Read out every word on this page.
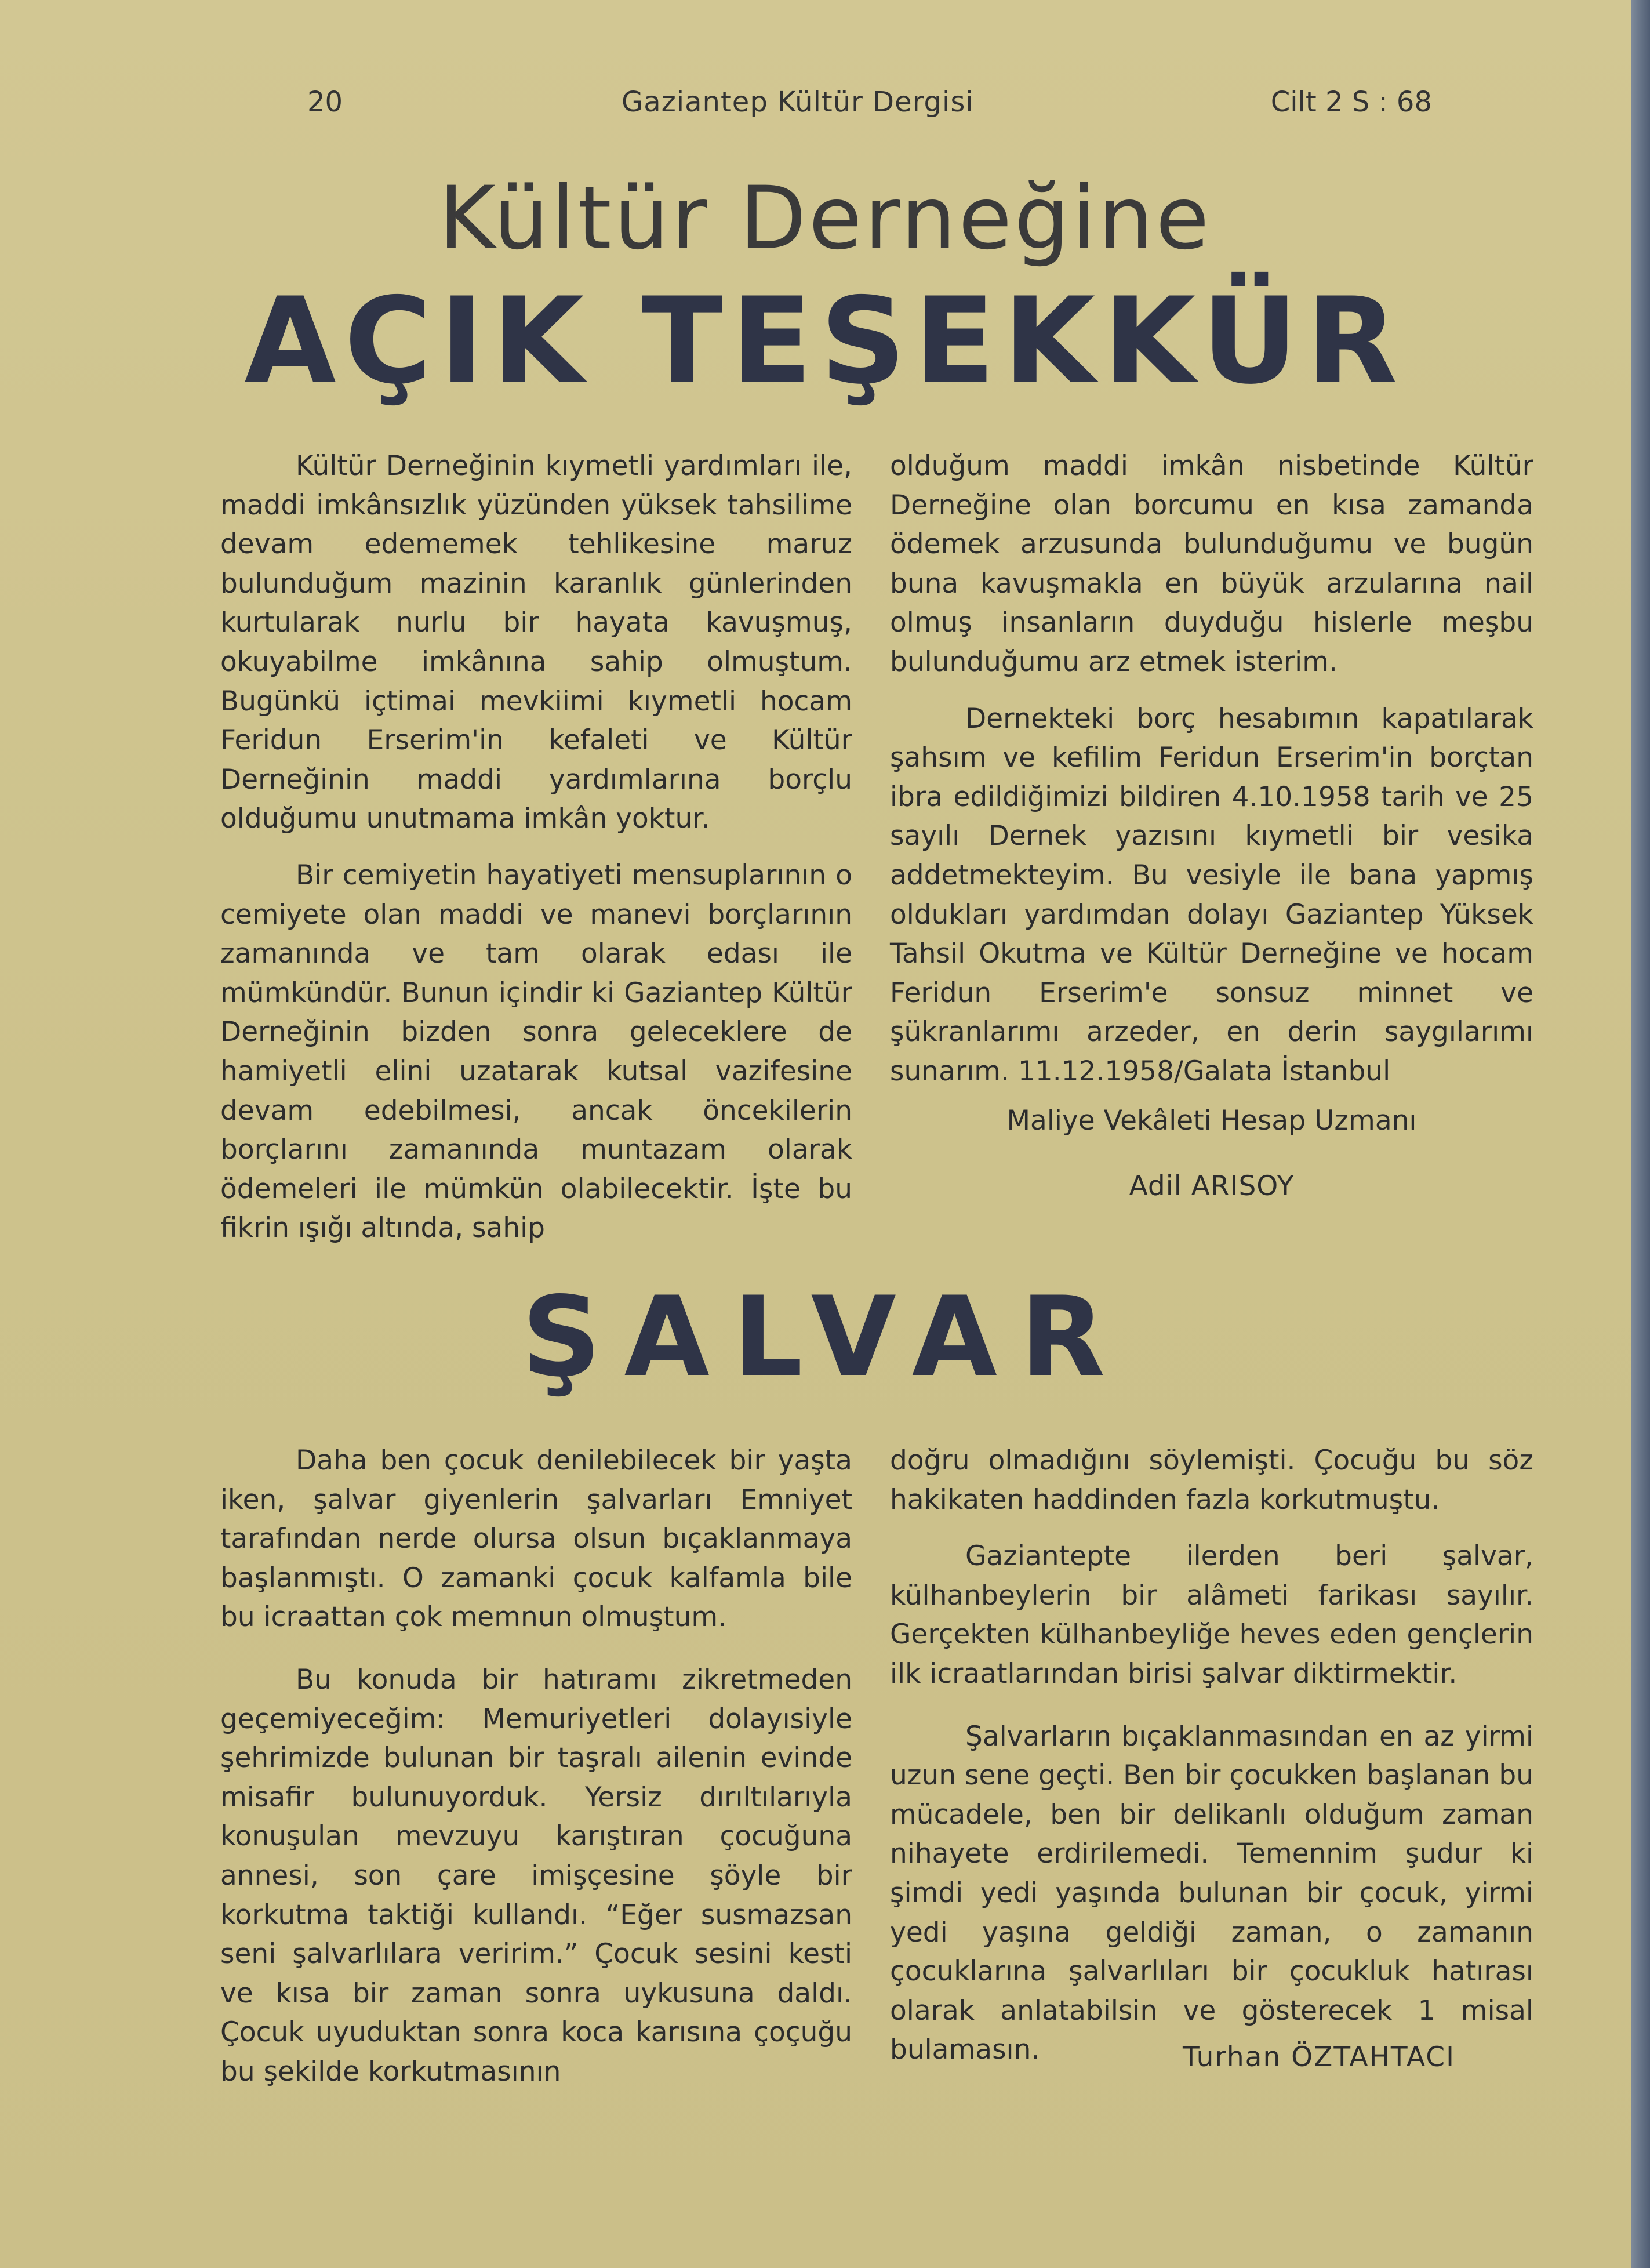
20	Gaziantep Kültür Dergisi	Cilt 2 S : 68
Kültür Derneğine
AÇIK TEŞEKKÜR

Kültür Derneğinin kıymetli yardımları ile, maddi imkânsızlık yüzünden yüksek tahsilime devam edememek tehlikesine maruz bulunduğum mazinin karanlık günlerinden kurtularak nurlu bir hayata kavuşmuş, okuyabilme imkânına sahip olmuştum. Bugünkü içtimai mevkiimi kıymetli hocam Feridun Erserim'in kefaleti ve Kültür Derneğinin maddi yardımlarına borçlu olduğumu unutmama imkân yoktur.

Bir cemiyetin hayatiyeti mensuplarının o cemiyete olan maddi ve manevi borçlarının zamanında ve tam olarak edası ile mümkündür. Bunun içindir ki Gaziantep Kültür Derneğinin bizden sonra geleceklere de hamiyetli elini uzatarak kutsal vazifesine devam edebilmesi, ancak öncekilerin borçlarını zamanında muntazam olarak ödemeleri ile mümkün olabilecektir. İşte bu fikrin ışığı altında, sahip

olduğum maddi imkân nisbetinde Kültür Derneğine olan borcumu en kısa zamanda ödemek arzusunda bulunduğumu ve bugün buna kavuşmakla en büyük arzularına nail olmuş insanların duyduğu hislerle meşbu bulunduğumu arz etmek isterim.

Dernekteki borç hesabımın kapatılarak şahsım ve kefilim Feridun Erserim'in borçtan ibra edildiğimizi bildiren 4.10.1958 tarih ve 25 sayılı Dernek yazısını kıymetli bir vesika addetmekteyim. Bu vesiyle ile bana yapmış oldukları yardımdan dolayı Gaziantep Yüksek Tahsil Okutma ve Kültür Derneğine ve hocam Feridun Erserim'e sonsuz minnet ve şükranlarımı arzeder, en derin saygılarımı sunarım. 11.12.1958/Galata İstanbul

Maliye Vekâleti Hesap Uzmanı
Adil ARISOY
ŞALVAR

Daha ben çocuk denilebilecek bir yaşta iken, şalvar giyenlerin şalvarları Emniyet tarafından nerde olursa olsun bıçaklanmaya başlanmıştı. O zamanki çocuk kalfamla bile bu icraattan çok memnun olmuştum.

Bu konuda bir hatıramı zikretmeden geçemiyeceğim: Memuriyetleri dolayısiyle şehrimizde bulunan bir taşralı ailenin evinde misafir bulunuyorduk. Yersiz dırıltılarıyla konuşulan mevzuyu karıştıran çocuğuna annesi, son çare imişçesine şöyle bir korkutma taktiği kullandı. “Eğer susmazsan seni şalvarlılara veririm.” Çocuk sesini kesti ve kısa bir zaman sonra uykusuna daldı. Çocuk uyuduktan sonra koca karısına çoçuğu bu şekilde korkutmasının

doğru olmadığını söylemişti. Çocuğu bu söz hakikaten haddinden fazla korkutmuştu.

Gaziantepte ilerden beri şalvar, külhanbeylerin bir alâmeti farikası sayılır. Gerçekten külhanbeyliğe heves eden gençlerin ilk icraatlarından birisi şalvar diktirmektir.

Şalvarların bıçaklanmasından en az yirmi uzun sene geçti. Ben bir çocukken başlanan bu mücadele, ben bir delikanlı olduğum zaman nihayete erdirilemedi. Temennim şudur ki şimdi yedi yaşında bulunan bir çocuk, yirmi yedi yaşına geldiği zaman, o zamanın çocuklarına şalvarlıları bir çocukluk hatırası olarak anlatabilsin ve gösterecek 1 misal bulamasın.	Turhan ÖZTAHTACI
